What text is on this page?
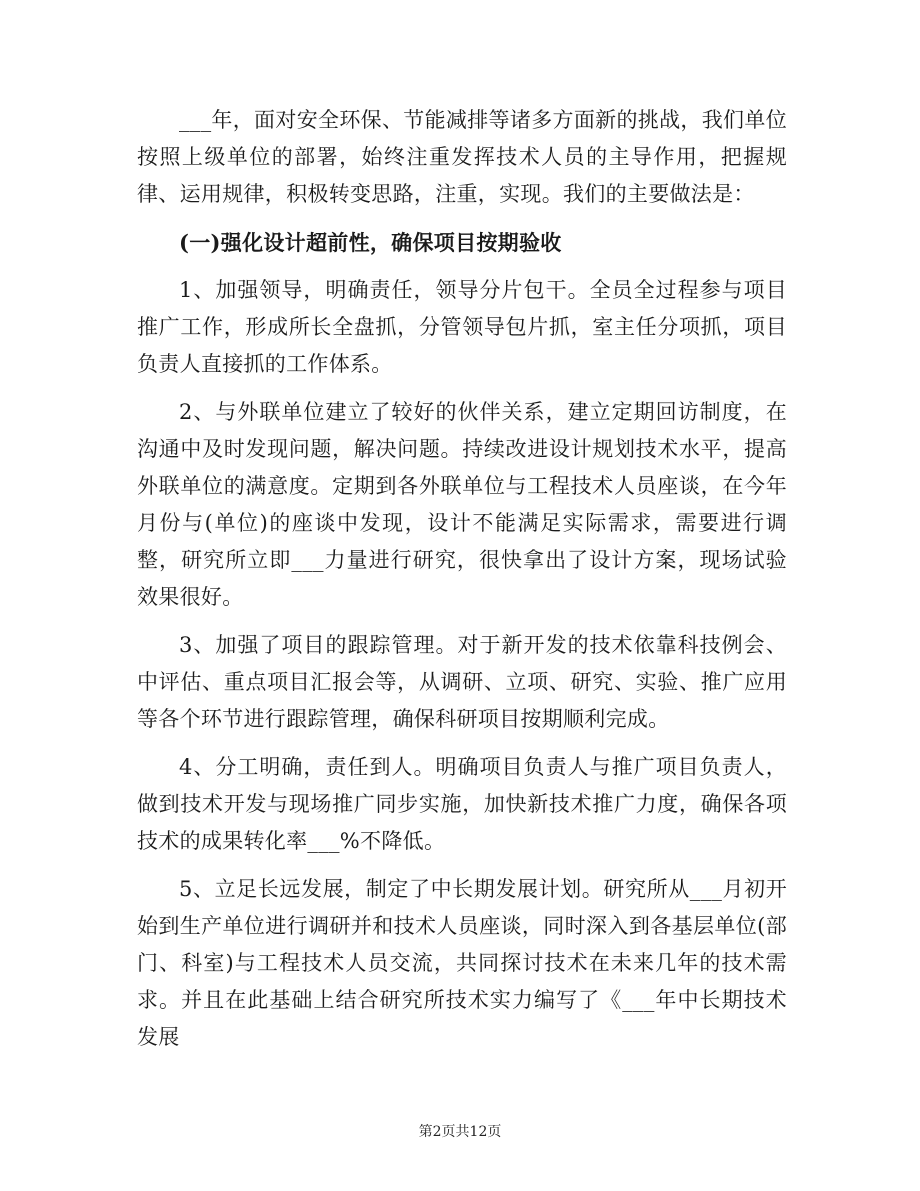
___年，面对安全环保、节能减排等诸多方面新的挑战，我们单位按照上级单位的部署，始终注重发挥技术人员的主导作用，把握规律、运用规律，积极转变思路，注重，实现。我们的主要做法是：

(一)强化设计超前性，确保项目按期验收

1、加强领导，明确责任，领导分片包干。全员全过程参与项目推广工作，形成所长全盘抓，分管领导包片抓，室主任分项抓，项目负责人直接抓的工作体系。

2、与外联单位建立了较好的伙伴关系，建立定期回访制度，在沟通中及时发现问题，解决问题。持续改进设计规划技术水平，提高外联单位的满意度。定期到各外联单位与工程技术人员座谈，在今年月份与(单位)的座谈中发现，设计不能满足实际需求，需要进行调整，研究所立即___力量进行研究，很快拿出了设计方案，现场试验效果很好。

3、加强了项目的跟踪管理。对于新开发的技术依靠科技例会、中评估、重点项目汇报会等，从调研、立项、研究、实验、推广应用等各个环节进行跟踪管理，确保科研项目按期顺利完成。

4、分工明确，责任到人。明确项目负责人与推广项目负责人，做到技术开发与现场推广同步实施，加快新技术推广力度，确保各项技术的成果转化率___%不降低。

5、立足长远发展，制定了中长期发展计划。研究所从___月初开始到生产单位进行调研并和技术人员座谈，同时深入到各基层单位(部门、科室)与工程技术人员交流，共同探讨技术在未来几年的技术需求。并且在此基础上结合研究所技术实力编写了《___年中长期技术发展

第2页共12页
